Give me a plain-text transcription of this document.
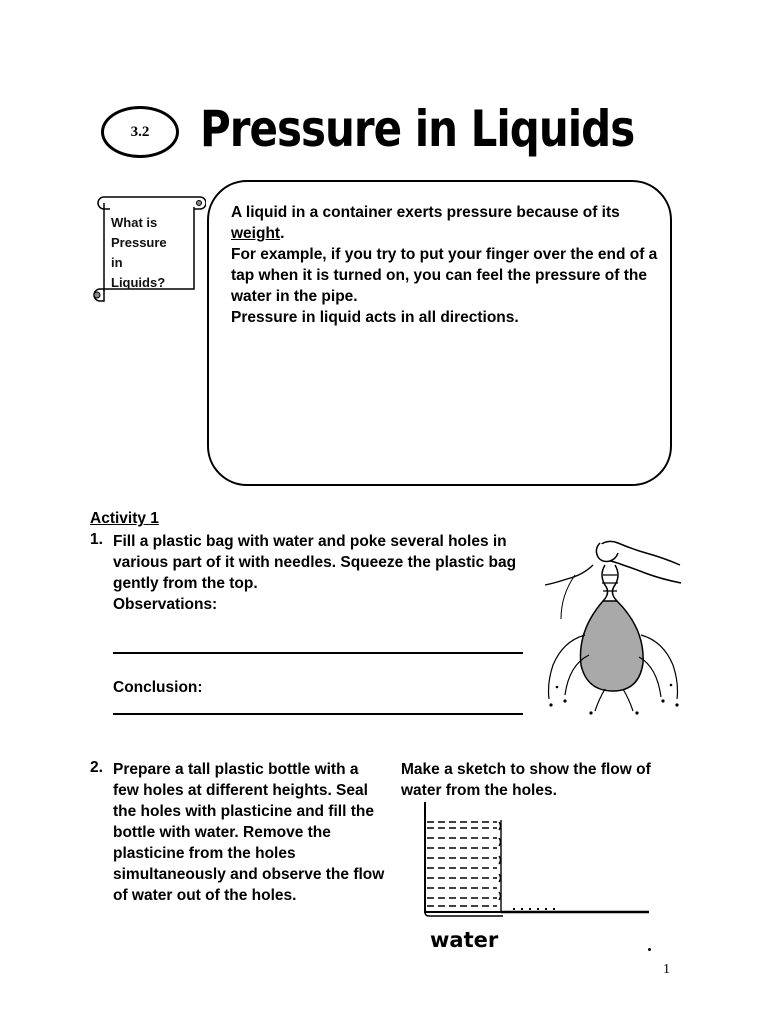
3.2 Pressure in Liquids
What is
Pressure
in
Liquids?

A liquid in a container exerts pressure because of its weight.

For example, if you try to put your finger over the end of a tap when it is turned on, you can feel the pressure of the water in the pipe.

Pressure in liquid acts in all directions.

Activity 1
1. Fill a plastic bag with water and poke several holes in various part of it with needles. Squeeze the plastic bag gently from the top.
Observations:
Conclusion:
2. Prepare a tall plastic bottle with a few holes at different heights. Seal the holes with plasticine and fill the bottle with water. Remove the plasticine from the holes simultaneously and observe the flow of water out of the holes.
Make a sketch to show the flow of water from the holes.
water
1
